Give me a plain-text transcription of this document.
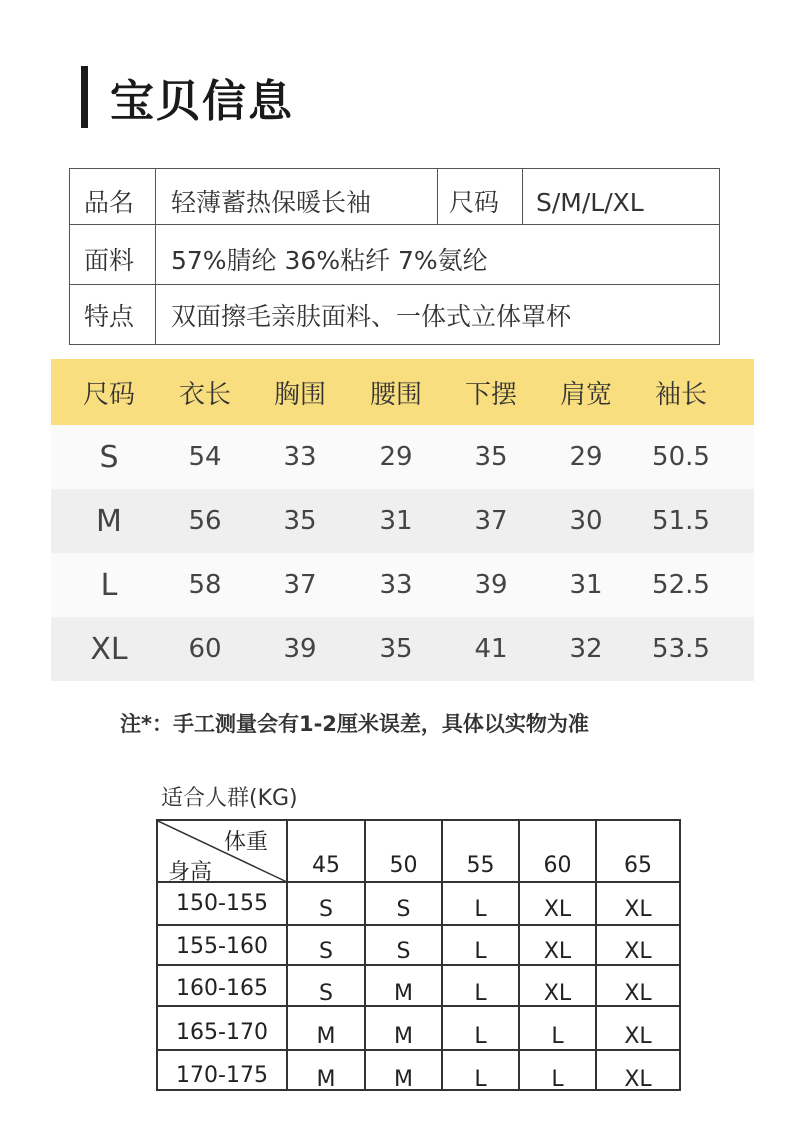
宝贝信息
品名 轻薄蓄热保暖长袖	尺码 S/M/L/XL
面料 57%腈纶 36%粘纤 7%氨纶
特点 双面擦毛亲肤面料、一体式立体罩杯
尺码	衣长	胸围	腰围	下摆	肩宽	袖长
S	54	33	29	35	29	50.5
M	56	35	31	37	30	51.5
L	58	37	33	39	31	52.5
XL	60	39	35	41	32	53.5
注*：手工测量会有1-2厘米误差，具体以实物为准
适合人群(KG)
体重
身高	45	50	55	60	65
150-155	S	S	L	XL	XL
155-160	S	S	L	XL	XL
160-165	S	M	L	XL	XL
165-170	M	M	L	L	XL
170-175	M	M	L	L	XL
